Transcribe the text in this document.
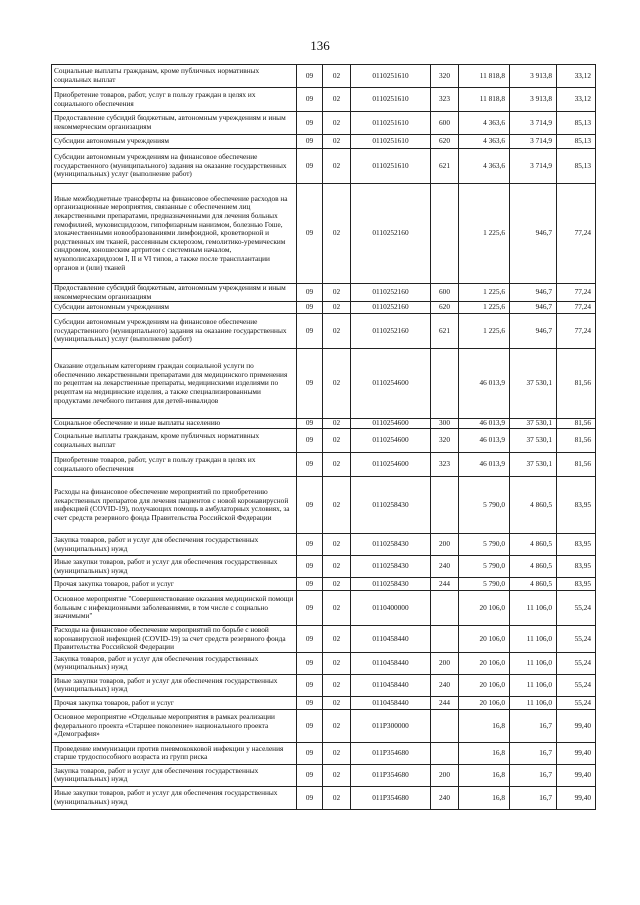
136
Социальные выплаты гражданам, кроме публичных нормативных социальных выплат	09	02	0110251610	320	11 818,8	3 913,8	33,12
Приобретение товаров, работ, услуг в пользу граждан в целях их социального обеспечения	09	02	0110251610	323	11 818,8	3 913,8	33,12
Предоставление субсидий бюджетным, автономным учреждениям и иным некоммерческим организациям	09	02	0110251610	600	4 363,6	3 714,9	85,13
Субсидии автономным учреждениям	09	02	0110251610	620	4 363,6	3 714,9	85,13
Субсидии автономным учреждениям на финансовое обеспечение государственного (муниципального) задания на оказание государственных (муниципальных) услуг (выполнение работ)	09	02	0110251610	621	4 363,6	3 714,9	85,13
Иные межбюджетные трансферты на финансовое обеспечение расходов на организационные мероприятия, связанные с обеспечением лиц лекарственными препаратами, предназначенными для лечения больных гемофилией, муковисцидозом, гипофизарным нанизмом, болезнью Гоше, злокачественными новообразованиями лимфоидной, кроветворной и родственных им тканей, рассеянным склерозом, гемолитико-уремическим синдромом, юношеским артритом с системным началом, мукополисахаридозом I, II и VI типов, а также после трансплантации органов и (или) тканей	09	02	0110252160		1 225,6	946,7	77,24
Предоставление субсидий бюджетным, автономным учреждениям и иным некоммерческим организациям	09	02	0110252160	600	1 225,6	946,7	77,24
Субсидии автономным учреждениям	09	02	0110252160	620	1 225,6	946,7	77,24
Субсидии автономным учреждениям на финансовое обеспечение государственного (муниципального) задания на оказание государственных (муниципальных) услуг (выполнение работ)	09	02	0110252160	621	1 225,6	946,7	77,24
Оказание отдельным категориям граждан социальной услуги по обеспечению лекарственными препаратами для медицинского применения по рецептам на лекарственные препараты, медицинскими изделиями по рецептам на медицинские изделия, а также специализированными продуктами лечебного питания для детей-инвалидов	09	02	0110254600		46 013,9	37 530,1	81,56
Социальное обеспечение и иные выплаты населению	09	02	0110254600	300	46 013,9	37 530,1	81,56
Социальные выплаты гражданам, кроме публичных нормативных социальных выплат	09	02	0110254600	320	46 013,9	37 530,1	81,56
Приобретение товаров, работ, услуг в пользу граждан в целях их социального обеспечения	09	02	0110254600	323	46 013,9	37 530,1	81,56
Расходы на финансовое обеспечение мероприятий по приобретению лекарственных препаратов для лечения пациентов с новой коронавирусной инфекцией (COVID-19), получающих помощь в амбулаторных условиях, за счет средств резервного фонда Правительства Российской Федерации	09	02	0110258430		5 790,0	4 860,5	83,95
Закупка товаров, работ и услуг для обеспечения государственных (муниципальных) нужд	09	02	0110258430	200	5 790,0	4 860,5	83,95
Иные закупки товаров, работ и услуг для обеспечения государственных (муниципальных) нужд	09	02	0110258430	240	5 790,0	4 860,5	83,95
Прочая закупка товаров, работ и услуг	09	02	0110258430	244	5 790,0	4 860,5	83,95
Основное мероприятие "Совершенствование оказания медицинской помощи больным с инфекционными заболеваниями, в том числе с социально значимыми"	09	02	0110400000		20 106,0	11 106,0	55,24
Расходы на финансовое обеспечение мероприятий по борьбе с новой коронавирусной инфекцией (COVID-19) за счет средств резервного фонда Правительства Российской Федерации	09	02	0110458440		20 106,0	11 106,0	55,24
Закупка товаров, работ и услуг для обеспечения государственных (муниципальных) нужд	09	02	0110458440	200	20 106,0	11 106,0	55,24
Иные закупки товаров, работ и услуг для обеспечения государственных (муниципальных) нужд	09	02	0110458440	240	20 106,0	11 106,0	55,24
Прочая закупка товаров, работ и услуг	09	02	0110458440	244	20 106,0	11 106,0	55,24
Основное мероприятие «Отдельные мероприятия в рамках реализации федерального проекта «Старшее поколение» национального проекта «Демография»	09	02	011P300000		16,8	16,7	99,40
Проведение иммунизации против пневмококковой инфекции у населения старше трудоспособного возраста из групп риска	09	02	011P354680		16,8	16,7	99,40
Закупка товаров, работ и услуг для обеспечения государственных (муниципальных) нужд	09	02	011P354680	200	16,8	16,7	99,40
Иные закупки товаров, работ и услуг для обеспечения государственных (муниципальных) нужд	09	02	011P354680	240	16,8	16,7	99,40
